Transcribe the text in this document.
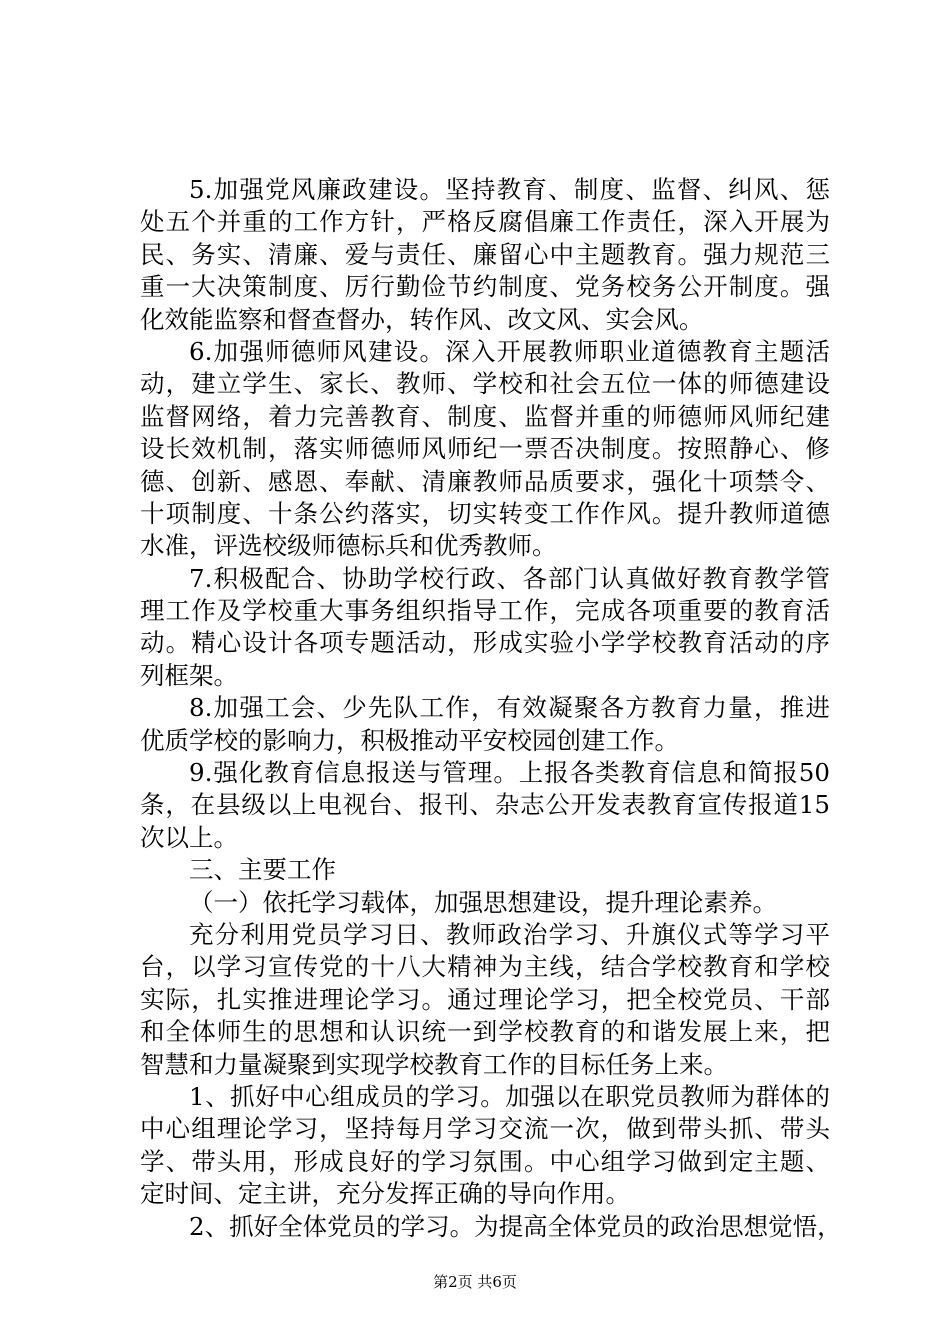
5.加强党风廉政建设。坚持教育、制度、监督、纠风、惩
处五个并重的工作方针，严格反腐倡廉工作责任，深入开展为
民、务实、清廉、爱与责任、廉留心中主题教育。强力规范三
重一大决策制度、厉行勤俭节约制度、党务校务公开制度。强
化效能监察和督查督办，转作风、改文风、实会风。
6.加强师德师风建设。深入开展教师职业道德教育主题活
动，建立学生、家长、教师、学校和社会五位一体的师德建设
监督网络，着力完善教育、制度、监督并重的师德师风师纪建
设长效机制，落实师德师风师纪一票否决制度。按照静心、修
德、创新、感恩、奉献、清廉教师品质要求，强化十项禁令、
十项制度、十条公约落实，切实转变工作作风。提升教师道德
水准，评选校级师德标兵和优秀教师。
7.积极配合、协助学校行政、各部门认真做好教育教学管
理工作及学校重大事务组织指导工作，完成各项重要的教育活
动。精心设计各项专题活动，形成实验小学学校教育活动的序
列框架。
8.加强工会、少先队工作，有效凝聚各方教育力量，推进
优质学校的影响力，积极推动平安校园创建工作。
9.强化教育信息报送与管理。上报各类教育信息和简报50
条，在县级以上电视台、报刊、杂志公开发表教育宣传报道15
次以上。
三、主要工作
（一）依托学习载体，加强思想建设，提升理论素养。
充分利用党员学习日、教师政治学习、升旗仪式等学习平
台，以学习宣传党的十八大精神为主线，结合学校教育和学校
实际，扎实推进理论学习。通过理论学习，把全校党员、干部
和全体师生的思想和认识统一到学校教育的和谐发展上来，把
智慧和力量凝聚到实现学校教育工作的目标任务上来。
1、抓好中心组成员的学习。加强以在职党员教师为群体的
中心组理论学习，坚持每月学习交流一次，做到带头抓、带头
学、带头用，形成良好的学习氛围。中心组学习做到定主题、
定时间、定主讲，充分发挥正确的导向作用。
2、抓好全体党员的学习。为提高全体党员的政治思想觉悟，
第2页 共6页
